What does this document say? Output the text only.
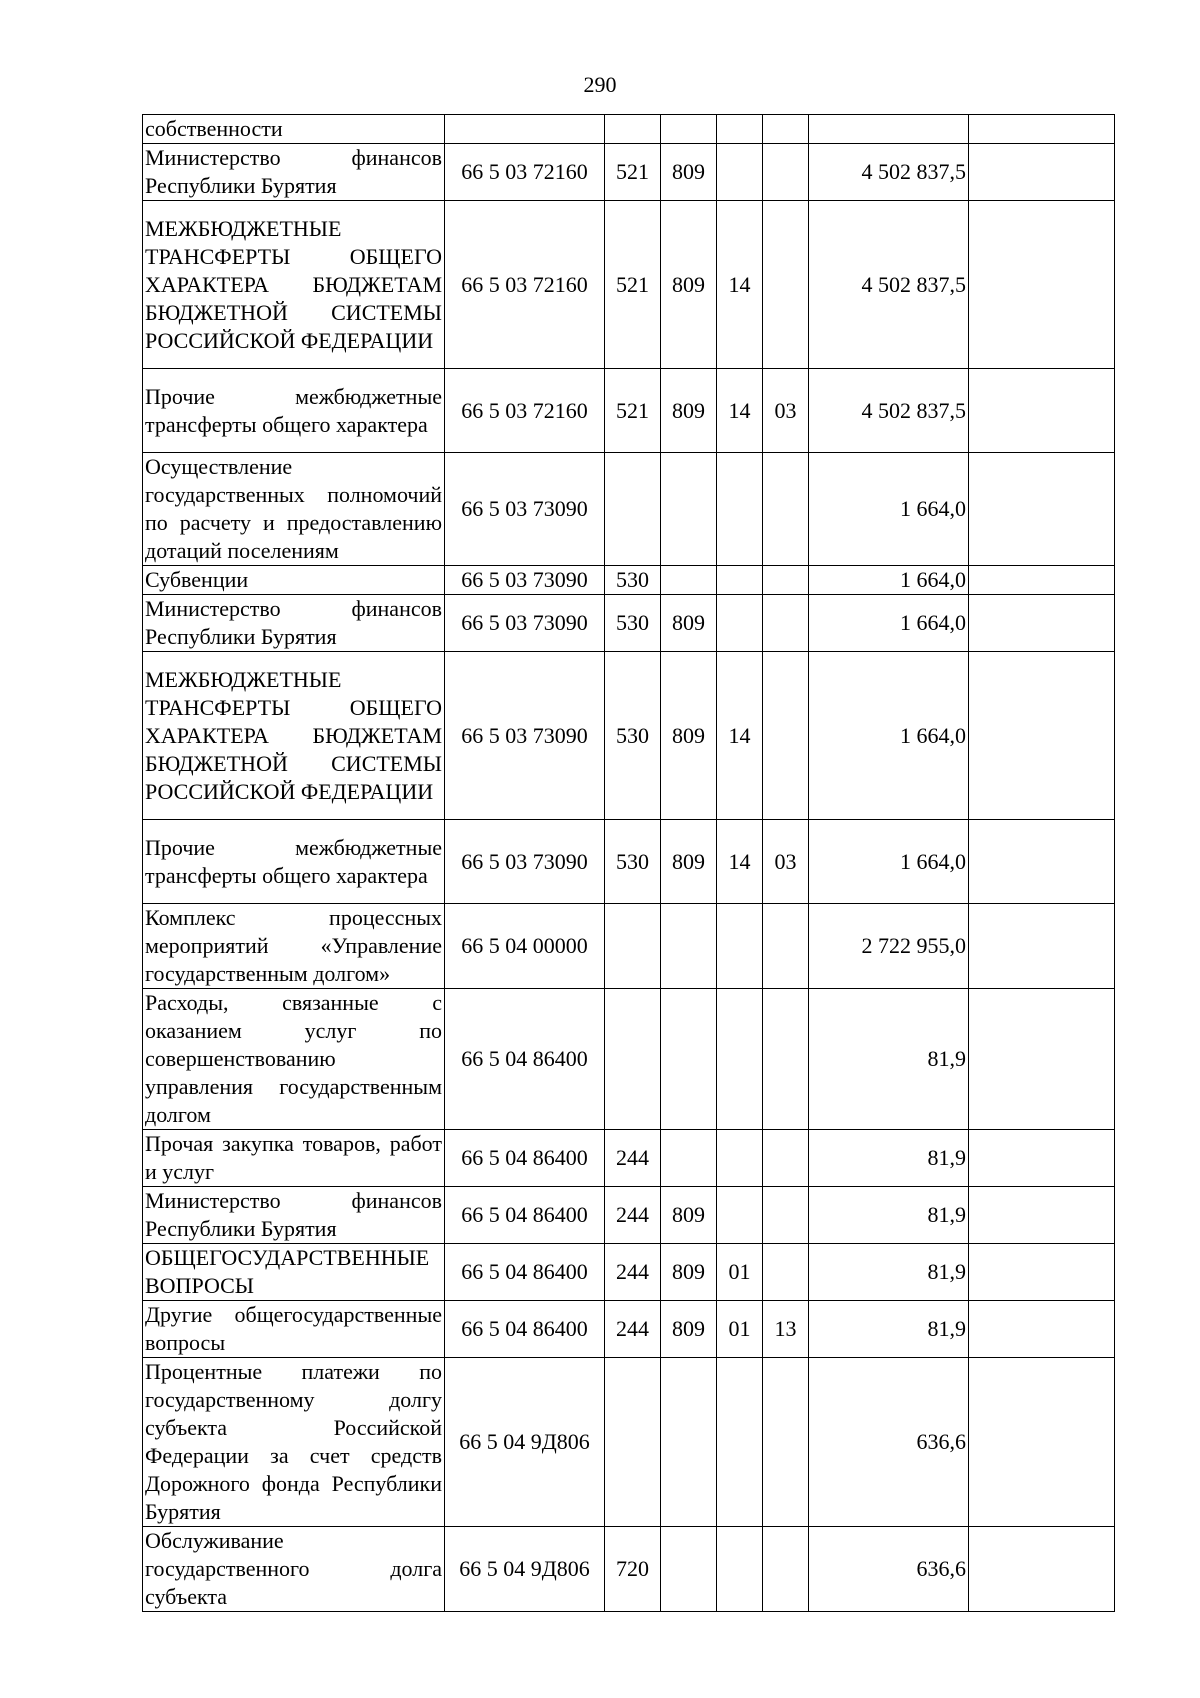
290
собственности							
Министерство финансов Республики Бурятия	66 5 03 72160	521	809			4 502 837,5	
МЕЖБЮДЖЕТНЫЕ ТРАНСФЕРТЫ ОБЩЕГО ХАРАКТЕРА БЮДЖЕТАМ БЮДЖЕТНОЙ СИСТЕМЫ РОССИЙСКОЙ ФЕДЕРАЦИИ	66 5 03 72160	521	809	14		4 502 837,5	
Прочие межбюджетные трансферты общего характера	66 5 03 72160	521	809	14	03	4 502 837,5	
Осуществление государственных полномочий по расчету и предоставлению дотаций поселениям	66 5 03 73090					1 664,0	
Субвенции	66 5 03 73090	530				1 664,0	
Министерство финансов Республики Бурятия	66 5 03 73090	530	809			1 664,0	
МЕЖБЮДЖЕТНЫЕ ТРАНСФЕРТЫ ОБЩЕГО ХАРАКТЕРА БЮДЖЕТАМ БЮДЖЕТНОЙ СИСТЕМЫ РОССИЙСКОЙ ФЕДЕРАЦИИ	66 5 03 73090	530	809	14		1 664,0	
Прочие межбюджетные трансферты общего характера	66 5 03 73090	530	809	14	03	1 664,0	
Комплекс процессных мероприятий «Управление государственным долгом»	66 5 04 00000					2 722 955,0	
Расходы, связанные с оказанием услуг по совершенствованию управления государственным долгом	66 5 04 86400					81,9	
Прочая закупка товаров, работ и услуг	66 5 04 86400	244				81,9	
Министерство финансов Республики Бурятия	66 5 04 86400	244	809			81,9	
ОБЩЕГОСУДАРСТВЕННЫЕ ВОПРОСЫ	66 5 04 86400	244	809	01		81,9	
Другие общегосударственные вопросы	66 5 04 86400	244	809	01	13	81,9	
Процентные платежи по государственному долгу субъекта Российской Федерации за счет средств Дорожного фонда Республики Бурятия	66 5 04 9Д806					636,6	
Обслуживание государственного долга субъекта	66 5 04 9Д806	720				636,6	
